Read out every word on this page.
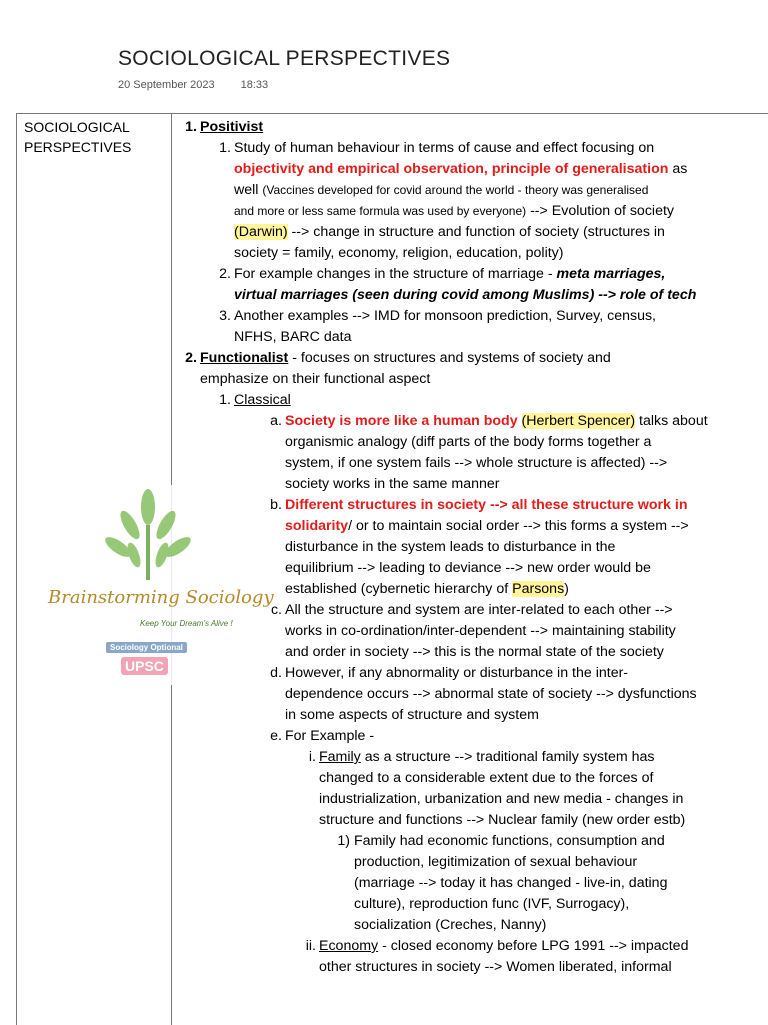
SOCIOLOGICAL PERSPECTIVES
20 September 2023 18:33
SOCIOLOGICAL
PERSPECTIVES
1. Positivist
1. Study of human behaviour in terms of cause and effect focusing on
objectivity and empirical observation, principle of generalisation as
well (Vaccines developed for covid around the world - theory was generalised
and more or less same formula was used by everyone) --> Evolution of society
(Darwin) --> change in structure and function of society (structures in
society = family, economy, religion, education, polity)
2. For example changes in the structure of marriage - meta marriages,
virtual marriages (seen during covid among Muslims) --> role of tech
3. Another examples --> IMD for monsoon prediction, Survey, census,
NFHS, BARC data
2. Functionalist - focuses on structures and systems of society and
emphasize on their functional aspect
1. Classical
a. Society is more like a human body (Herbert Spencer) talks about
organismic analogy (diff parts of the body forms together a
system, if one system fails --> whole structure is affected) -->
society works in the same manner
b. Different structures in society --> all these structure work in
solidarity/ or to maintain social order --> this forms a system -->
disturbance in the system leads to disturbance in the
equilibrium --> leading to deviance --> new order would be
established (cybernetic hierarchy of Parsons)
c. All the structure and system are inter-related to each other -->
works in co-ordination/inter-dependent --> maintaining stability
and order in society --> this is the normal state of the society
d. However, if any abnormality or disturbance in the inter-
dependence occurs --> abnormal state of society --> dysfunctions
in some aspects of structure and system
e. For Example -
i. Family as a structure --> traditional family system has
changed to a considerable extent due to the forces of
industrialization, urbanization and new media - changes in
structure and functions --> Nuclear family (new order estb)
1) Family had economic functions, consumption and
production, legitimization of sexual behaviour
(marriage --> today it has changed - live-in, dating
culture), reproduction func (IVF, Surrogacy),
socialization (Creches, Nanny)
ii. Economy - closed economy before LPG 1991 --> impacted
other structures in society --> Women liberated, informal
Brainstorming Sociology
Keep Your Dream's Alive !
Sociology Optional
UPSC
